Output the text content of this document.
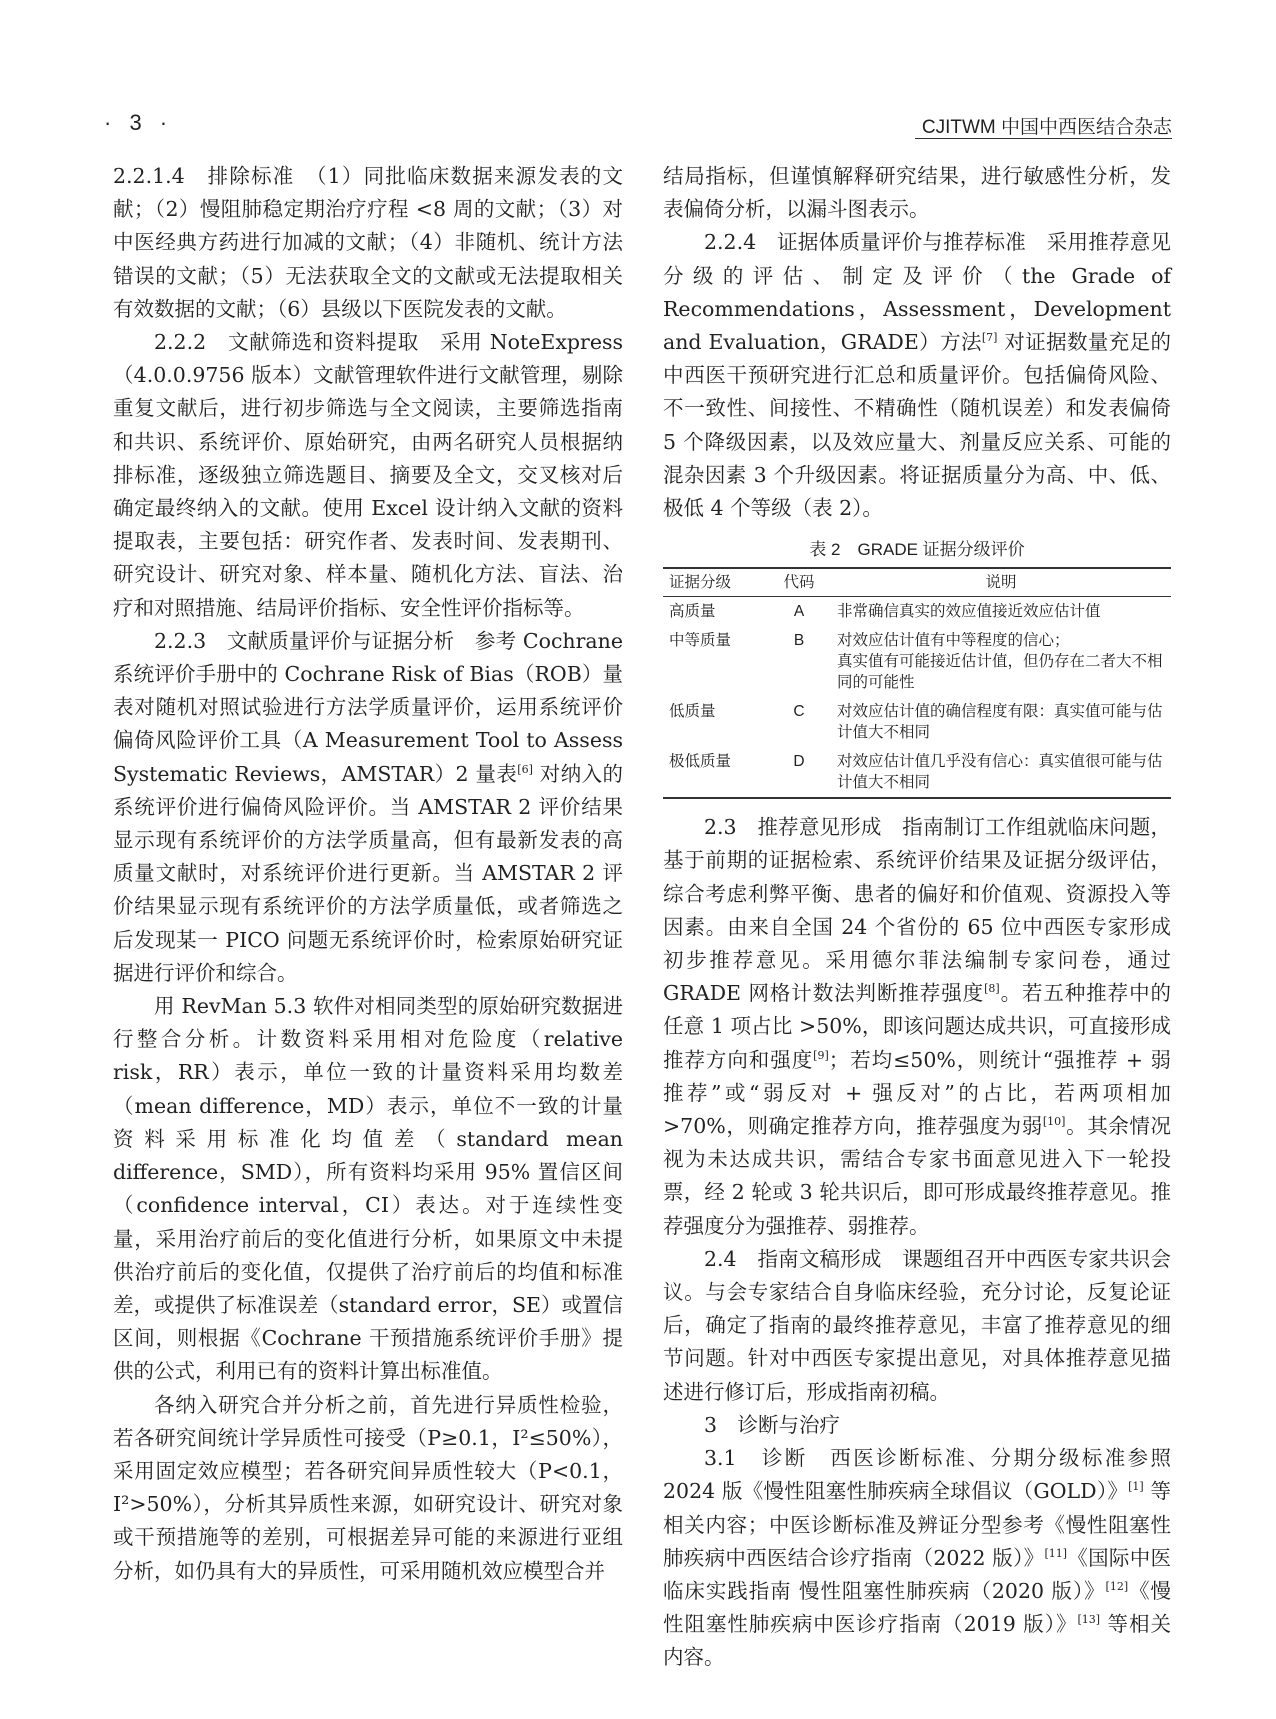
· 3 ·	CJITWM 中国中西医结合杂志

2.2.1.4　排除标准　（1）同批临床数据来源发表的文献；（2）慢阻肺稳定期治疗疗程 <8 周的文献；（3）对中医经典方药进行加减的文献；（4）非随机、统计方法错误的文献；（5）无法获取全文的文献或无法提取相关有效数据的文献；（6）县级以下医院发表的文献。

2.2.2　文献筛选和资料提取　采用 NoteExpress（4.0.0.9756 版本）文献管理软件进行文献管理，剔除重复文献后，进行初步筛选与全文阅读，主要筛选指南和共识、系统评价、原始研究，由两名研究人员根据纳排标准，逐级独立筛选题目、摘要及全文，交叉核对后确定最终纳入的文献。使用 Excel 设计纳入文献的资料提取表，主要包括：研究作者、发表时间、发表期刊、研究设计、研究对象、样本量、随机化方法、盲法、治疗和对照措施、结局评价指标、安全性评价指标等。

2.2.3　文献质量评价与证据分析　参考 Cochrane 系统评价手册中的 Cochrane Risk of Bias（ROB）量表对随机对照试验进行方法学质量评价，运用系统评价偏倚风险评价工具（A Measurement Tool to Assess Systematic Reviews，AMSTAR）2 量表[6] 对纳入的系统评价进行偏倚风险评价。当 AMSTAR 2 评价结果显示现有系统评价的方法学质量高，但有最新发表的高质量文献时，对系统评价进行更新。当 AMSTAR 2 评价结果显示现有系统评价的方法学质量低，或者筛选之后发现某一 PICO 问题无系统评价时，检索原始研究证据进行评价和综合。

用 RevMan 5.3 软件对相同类型的原始研究数据进行整合分析。计数资料采用相对危险度（relative risk，RR）表示，单位一致的计量资料采用均数差（mean difference，MD）表示，单位不一致的计量资料采用标准化均值差（standard mean difference，SMD），所有资料均采用 95% 置信区间（confidence interval，CI）表达。对于连续性变量，采用治疗前后的变化值进行分析，如果原文中未提供治疗前后的变化值，仅提供了治疗前后的均值和标准差，或提供了标准误差（standard error，SE）或置信区间，则根据《Cochrane 干预措施系统评价手册》提供的公式，利用已有的资料计算出标准值。

各纳入研究合并分析之前，首先进行异质性检验，若各研究间统计学异质性可接受（P≥0.1，I²≤50%），采用固定效应模型；若各研究间异质性较大（P<0.1，I²>50%），分析其异质性来源，如研究设计、研究对象或干预措施等的差别，可根据差异可能的来源进行亚组分析，如仍具有大的异质性，可采用随机效应模型合并

结局指标，但谨慎解释研究结果，进行敏感性分析，发表偏倚分析，以漏斗图表示。

2.2.4　证据体质量评价与推荐标准　采用推荐意见分级的评估、制定及评价（the Grade of Recommendations，Assessment，Development and Evaluation，GRADE）方法[7] 对证据数量充足的中西医干预研究进行汇总和质量评价。包括偏倚风险、不一致性、间接性、不精确性（随机误差）和发表偏倚 5 个降级因素，以及效应量大、剂量反应关系、可能的混杂因素 3 个升级因素。将证据质量分为高、中、低、极低 4 个等级（表 2）。

表 2　GRADE 证据分级评价
证据分级	代码	说明
高质量	A	非常确信真实的效应值接近效应估计值
中等质量	B	对效应估计值有中等程度的信心；
真实值有可能接近估计值，但仍存在二者大不相同的可能性
低质量	C	对效应估计值的确信程度有限：真实值可能与估计值大不相同
极低质量	D	对效应估计值几乎没有信心：真实值很可能与估计值大不相同

2.3　推荐意见形成　指南制订工作组就临床问题，基于前期的证据检索、系统评价结果及证据分级评估，综合考虑利弊平衡、患者的偏好和价值观、资源投入等因素。由来自全国 24 个省份的 65 位中西医专家形成初步推荐意见。采用德尔菲法编制专家问卷，通过 GRADE 网格计数法判断推荐强度[8]。若五种推荐中的任意 1 项占比 >50%，即该问题达成共识，可直接形成推荐方向和强度[9]；若均≤50%，则统计“强推荐 + 弱推荐”或“弱反对 + 强反对”的占比，若两项相加 >70%，则确定推荐方向，推荐强度为弱[10]。其余情况视为未达成共识，需结合专家书面意见进入下一轮投票，经 2 轮或 3 轮共识后，即可形成最终推荐意见。推荐强度分为强推荐、弱推荐。

2.4　指南文稿形成　课题组召开中西医专家共识会议。与会专家结合自身临床经验，充分讨论，反复论证后，确定了指南的最终推荐意见，丰富了推荐意见的细节问题。针对中西医专家提出意见，对具体推荐意见描述进行修订后，形成指南初稿。

3　诊断与治疗

3.1　诊断　西医诊断标准、分期分级标准参照 2024 版《慢性阻塞性肺疾病全球倡议（GOLD）》[1] 等相关内容；中医诊断标准及辨证分型参考《慢性阻塞性肺疾病中西医结合诊疗指南（2022 版）》[11]《国际中医临床实践指南 慢性阻塞性肺疾病（2020 版）》[12]《慢性阻塞性肺疾病中医诊疗指南（2019 版）》[13] 等相关内容。
